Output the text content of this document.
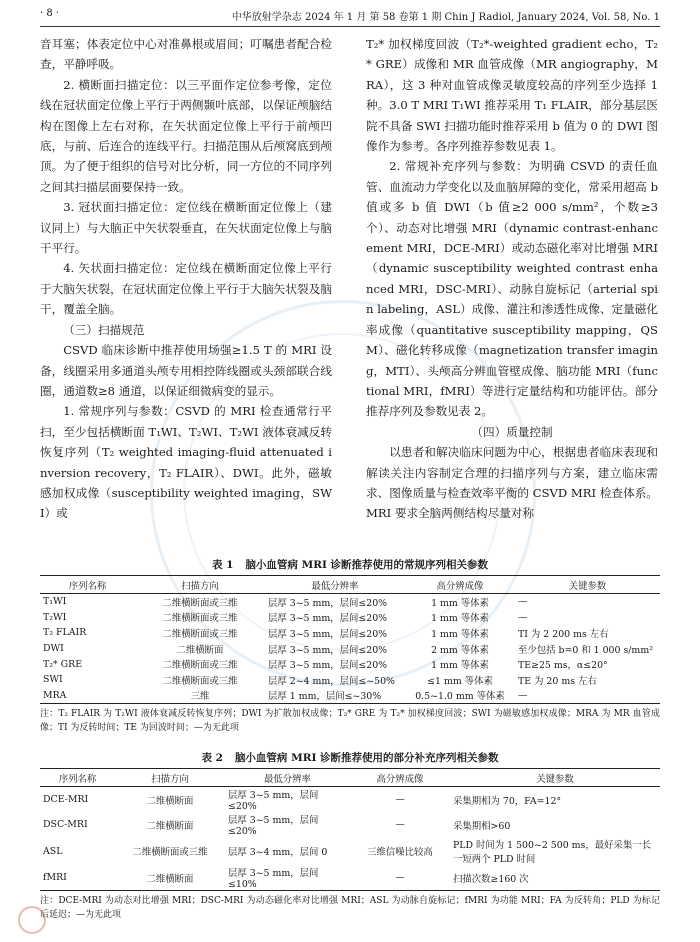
· 8 ·	中华放射学杂志 2024 年 1 月 第 58 卷第 1 期 Chin J Radiol, January 2024, Vol. 58, No. 1

音耳塞；体表定位中心对准鼻根或眉间；叮嘱患者配合检查，平静呼吸。

2. 横断面扫描定位：以三平面作定位参考像，定位线在冠状面定位像上平行于两侧颞叶底部，以保证颅脑结构在图像上左右对称，在矢状面定位像上平行于前颅凹底，与前、后连合的连线平行。扫描范围从后颅窝底到颅顶。为了便于组织的信号对比分析，同一方位的不同序列之间其扫描层面要保持一致。

3. 冠状面扫描定位：定位线在横断面定位像上（建议同上）与大脑正中矢状裂垂直，在矢状面定位像上与脑干平行。

4. 矢状面扫描定位：定位线在横断面定位像上平行于大脑矢状裂，在冠状面定位像上平行于大脑矢状裂及脑干，覆盖全脑。

（三）扫描规范

CSVD 临床诊断中推荐使用场强≥1.5 T 的 MRI 设备，线圈采用多通道头颅专用相控阵线圈或头颈部联合线圈，通道数≥8 通道，以保证细微病变的显示。

1. 常规序列与参数：CSVD 的 MRI 检查通常行平扫，至少包括横断面 T₁WI、T₂WI、T₂WI 液体衰减反转恢复序列（T₂ weighted imaging-fluid attenuated inversion recovery，T₂ FLAIR）、DWI。此外，磁敏感加权成像（susceptibility weighted imaging，SWI）或

T₂* 加权梯度回波（T₂*-weighted gradient echo，T₂* GRE）成像和 MR 血管成像（MR angiography，MRA），这 3 种对血管成像灵敏度较高的序列至少选择 1 种。3.0 T MRI T₁WI 推荐采用 T₁ FLAIR，部分基层医院不具备 SWI 扫描功能时推荐采用 b 值为 0 的 DWI 图像作为参考。各序列推荐参数见表 1。

2. 常规补充序列与参数：为明确 CSVD 的责任血管、血流动力学变化以及血脑屏障的变化，常采用超高 b 值或多 b 值 DWI（b 值≥2 000 s/mm²，个数≥3 个）、动态对比增强 MRI（dynamic contrast-enhancement MRI，DCE-MRI）或动态磁化率对比增强 MRI（dynamic susceptibility weighted contrast enhanced MRI，DSC-MRI）、动脉自旋标记（arterial spin labeling，ASL）成像、灌注和渗透性成像、定量磁化率成像（quantitative susceptibility mapping，QSM）、磁化转移成像（magnetization transfer imaging，MTI）、头颅高分辨血管壁成像、脑功能 MRI（functional MRI，fMRI）等进行定量结构和功能评估。部分推荐序列及参数见表 2。

（四）质量控制

以患者和解决临床问题为中心，根据患者临床表现和解读关注内容制定合理的扫描序列与方案，建立临床需求、图像质量与检查效率平衡的 CSVD MRI 检查体系。MRI 要求全脑两侧结构尽量对称

表 1 脑小血管病 MRI 诊断推荐使用的常规序列相关参数
序列名称	扫描方向	最低分辨率	高分辨成像	关键参数
T₁WI	二维横断面或三维	层厚 3~5 mm，层间≤20%	1 mm 等体素	—
T₂WI	二维横断面或三维	层厚 3~5 mm，层间≤20%	1 mm 等体素	—
T₂ FLAIR	二维横断面或三维	层厚 3~5 mm，层间≤20%	1 mm 等体素	TI 为 2 200 ms 左右
DWI	二维横断面	层厚 3~5 mm，层间≤20%	2 mm 等体素	至少包括 b=0 和 1 000 s/mm²
T₂* GRE	二维横断面或三维	层厚 3~5 mm，层间≤20%	1 mm 等体素	TE≥25 ms，α≤20°
SWI	二维横断面或三维	层厚 2~4 mm，层间≤~50%	≤1 mm 等体素	TE 为 20 ms 左右
MRA	三维	层厚 1 mm，层间≤~30%	0.5~1.0 mm 等体素	—
注：T₂ FLAIR 为 T₂WI 液体衰减反转恢复序列；DWI 为扩散加权成像；T₂* GRE 为 T₂* 加权梯度回波；SWI 为磁敏感加权成像；MRA 为 MR 血管成像；TI 为反转时间；TE 为回波时间；—为无此项
表 2 脑小血管病 MRI 诊断推荐使用的部分补充序列相关参数
序列名称	扫描方向	最低分辨率	高分辨成像	关键参数
DCE-MRI	二维横断面	层厚 3~5 mm，层间≤20%	—	采集期相为 70，FA=12°
DSC-MRI	二维横断面	层厚 3~5 mm，层间≤20%	—	采集期相>60
ASL	二维横断面或三维	层厚 3~4 mm，层间 0	三维信噪比较高	PLD 时间为 1 500~2 500 ms，最好采集一长一短两个 PLD 时间
fMRI	二维横断面	层厚 3~5 mm，层间≤10%	—	扫描次数≥160 次
注：DCE-MRI 为动态对比增强 MRI；DSC-MRI 为动态磁化率对比增强 MRI；ASL 为动脉自旋标记；fMRI 为功能 MRI；FA 为反转角；PLD 为标记后延迟；—为无此项
